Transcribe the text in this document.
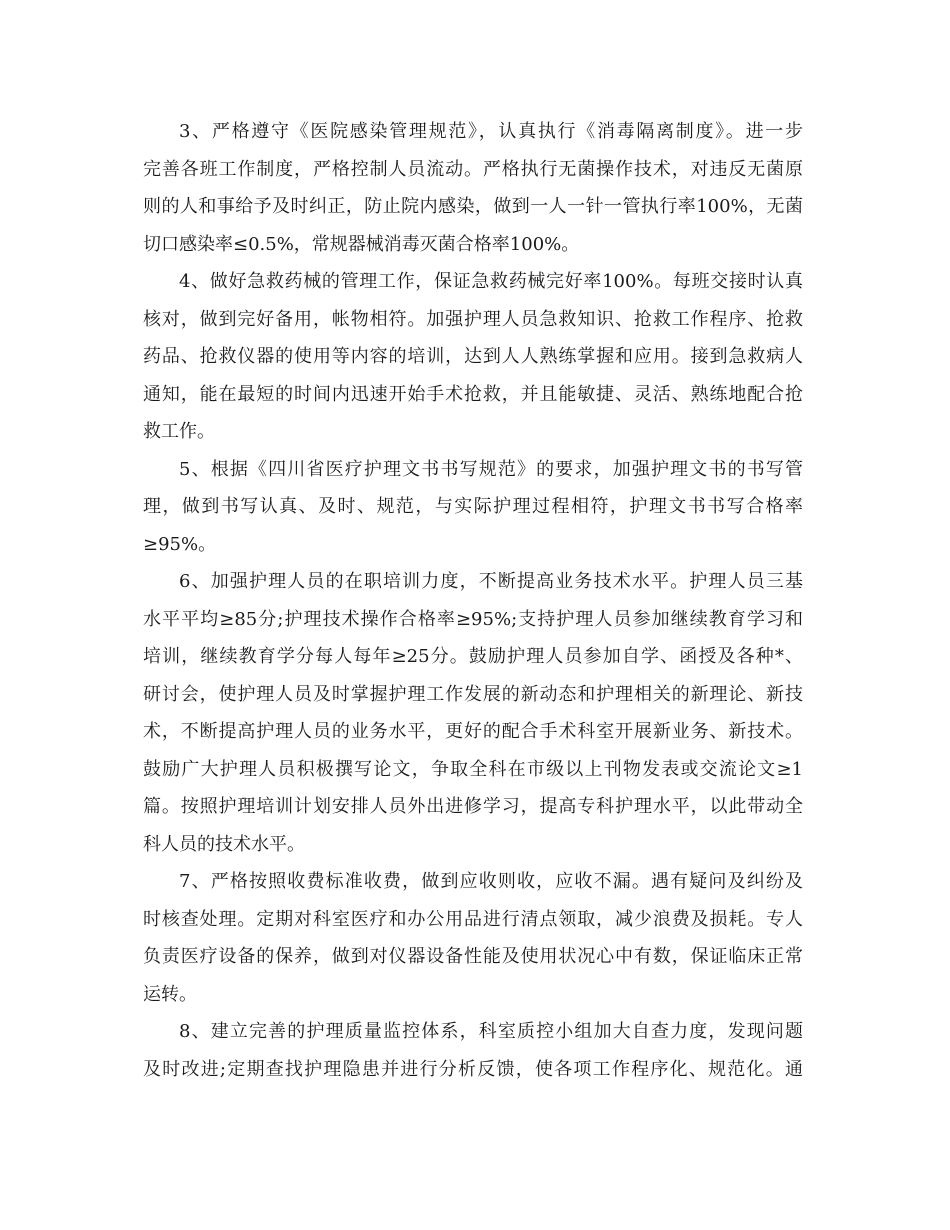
3、严格遵守《医院感染管理规范》，认真执行《消毒隔离制度》。进一步
完善各班工作制度，严格控制人员流动。严格执行无菌操作技术，对违反无菌原
则的人和事给予及时纠正，防止院内感染，做到一人一针一管执行率100%，无菌
切口感染率≤0.5%，常规器械消毒灭菌合格率100%。
4、做好急救药械的管理工作，保证急救药械完好率100%。每班交接时认真
核对，做到完好备用，帐物相符。加强护理人员急救知识、抢救工作程序、抢救
药品、抢救仪器的使用等内容的培训，达到人人熟练掌握和应用。接到急救病人
通知，能在最短的时间内迅速开始手术抢救，并且能敏捷、灵活、熟练地配合抢
救工作。
5、根据《四川省医疗护理文书书写规范》的要求，加强护理文书的书写管
理，做到书写认真、及时、规范，与实际护理过程相符，护理文书书写合格率
≥95%。
6、加强护理人员的在职培训力度，不断提高业务技术水平。护理人员三基
水平平均≥85分;护理技术操作合格率≥95%;支持护理人员参加继续教育学习和
培训，继续教育学分每人每年≥25分。鼓励护理人员参加自学、函授及各种*、
研讨会，使护理人员及时掌握护理工作发展的新动态和护理相关的新理论、新技
术，不断提高护理人员的业务水平，更好的配合手术科室开展新业务、新技术。
鼓励广大护理人员积极撰写论文，争取全科在市级以上刊物发表或交流论文≥1
篇。按照护理培训计划安排人员外出进修学习，提高专科护理水平，以此带动全
科人员的技术水平。
7、严格按照收费标准收费，做到应收则收，应收不漏。遇有疑问及纠纷及
时核查处理。定期对科室医疗和办公用品进行清点领取，减少浪费及损耗。专人
负责医疗设备的保养，做到对仪器设备性能及使用状况心中有数，保证临床正常
运转。
8、建立完善的护理质量监控体系，科室质控小组加大自查力度，发现问题
及时改进;定期查找护理隐患并进行分析反馈，使各项工作程序化、规范化。通
